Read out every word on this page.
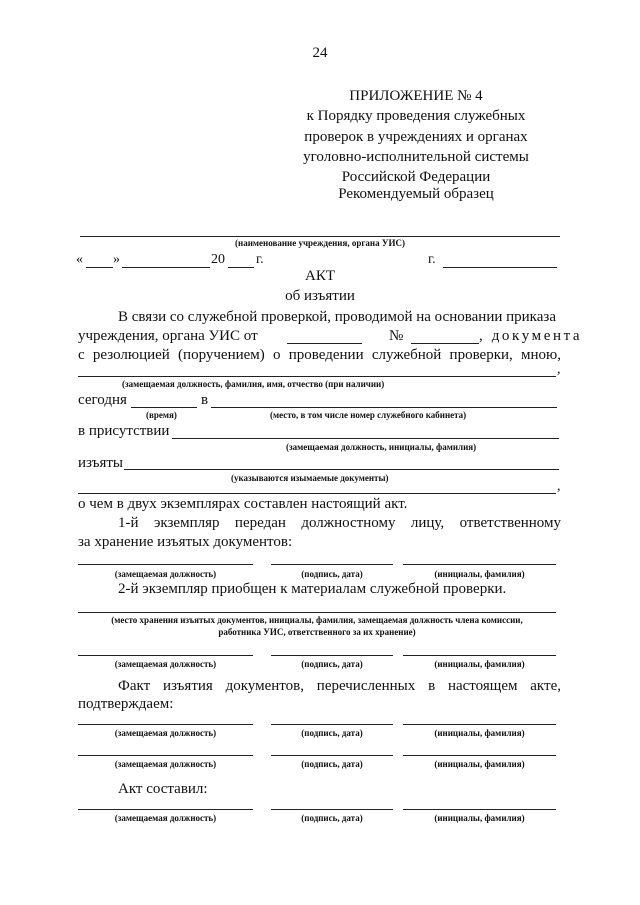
24
ПРИЛОЖЕНИЕ № 4
к Порядку проведения служебных
проверок в учреждениях и органах
уголовно-исполнительной системы
Российской Федерации
Рекомендуемый образец
(наименование учреждения, органа УИС)
« »	20 г.	г.
АКТ
об изъятии
В связи со служебной проверкой, проводимой на основании приказа
учреждения, органа УИС от	№	, документа
с резолюцией (поручением) о проведении служебной проверки, мною,
,
(замещаемая должность, фамилия, имя, отчество (при наличии)
сегодня	в
(время)	(место, в том числе номер служебного кабинета)
в присутствии
(замещаемая должность, инициалы, фамилия)
изъяты
(указываются изымаемые документы)
,
о чем в двух экземплярах составлен настоящий акт.
1-й экземпляр передан должностному лицу, ответственному
за хранение изъятых документов:
(замещаемая должность)	(подпись, дата)	(инициалы, фамилия)
2-й экземпляр приобщен к материалам служебной проверки.
(место хранения изъятых документов, инициалы, фамилия, замещаемая должность члена комиссии,
работника УИС, ответственного за их хранение)
(замещаемая должность)	(подпись, дата)	(инициалы, фамилия)
Факт изъятия документов, перечисленных в настоящем акте,
подтверждаем:
(замещаемая должность)	(подпись, дата)	(инициалы, фамилия)
(замещаемая должность)	(подпись, дата)	(инициалы, фамилия)
Акт составил:
(замещаемая должность)	(подпись, дата)	(инициалы, фамилия)
